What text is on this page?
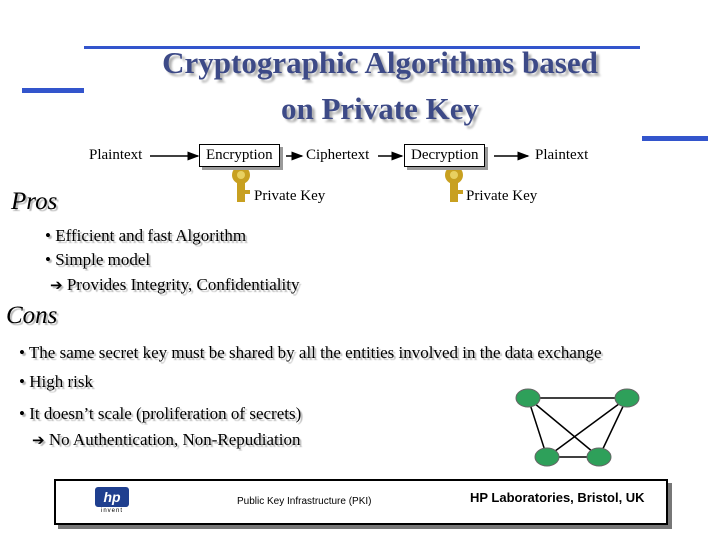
Cryptographic Algorithms based
on Private Key
Plaintext	Encryption	Ciphertext	Decryption	Plaintext
Private Key	Private Key
Pros
• Efficient and fast Algorithm
• Simple model
➔ Provides Integrity, Confidentiality
Cons
• The same secret key must be shared by all the entities involved in the data exchange
• High risk
• It doesn’t scale (proliferation of secrets)
➔ No Authentication, Non-Repudiation
hp
invent
Public Key Infrastructure (PKI)	HP Laboratories, Bristol, UK
